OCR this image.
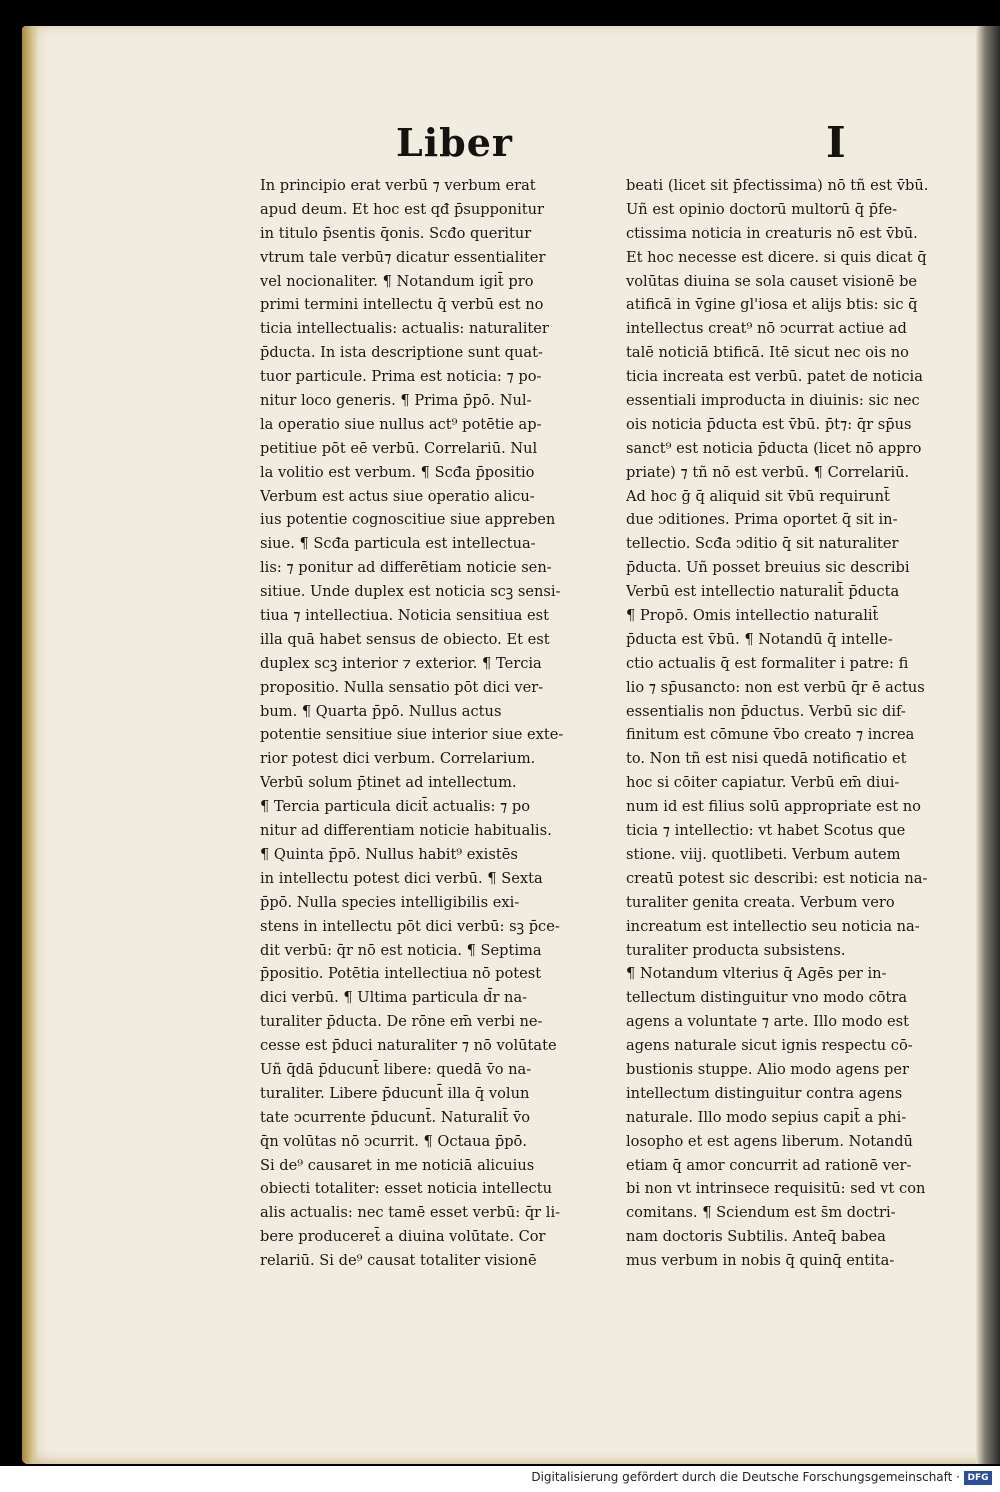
Liber	I
In principio erat verbū ⁊ verbum erat
apud deum. Et hoc est qđ p̄supponitur
in titulo p̄sentis q̄onis. Scđo queritur
vtrum tale verbū⁊ dicatur essentialiter
vel nocionaliter. ¶ Notandum igit̄ pro
primi termini intellectu q̄ verbū est no
ticia intellectualis: actualis: naturaliter
p̄ducta. In ista descriptione sunt quat-
tuor particule. Prima est noticia: ⁊ po-
nitur loco generis. ¶ Prima p̄pō. Nul-
la operatio siue nullus act⁹ potētie ap-
petitiue pōt eē verbū. Correlariū. Nul
la volitio est verbum. ¶ Scđa p̄positio
Verbum est actus siue operatio alicu-
ius potentie cognoscitiue siue appreben
siue. ¶ Scđa particula est intellectua-
lis: ⁊ ponitur ad differētiam noticie sen-
sitiue. Unde duplex est noticia scꝫ sensi-
tiua ⁊ intellectiua. Noticia sensitiua est
illa quā habet sensus de obiecto. Et est
duplex scꝫ interior ⁊ exterior. ¶ Tercia
propositio. Nulla sensatio pōt dici ver-
bum. ¶ Quarta p̄pō. Nullus actus
potentie sensitiue siue interior siue exte-
rior potest dici verbum. Correlarium.
Verbū solum p̄tinet ad intellectum.
¶ Tercia particula dicit̄ actualis: ⁊ po
nitur ad differentiam noticie habitualis.
¶ Quinta p̄pō. Nullus habit⁹ existēs
in intellectu potest dici verbū. ¶ Sexta
p̄pō. Nulla species intelligibilis exi-
stens in intellectu pōt dici verbū: sꝫ p̄ce-
dit verbū: q̄r nō est noticia. ¶ Septima
p̄positio. Potētia intellectiua nō potest
dici verbū. ¶ Ultima particula d̄r na-
turaliter p̄ducta. De rōne em̄ verbi ne-
cesse est p̄duci naturaliter ⁊ nō volūtate
Uñ q̄dā p̄ducunt̄ libere: quedā v̄o na-
turaliter. Libere p̄ducunt̄ illa q̄ volun
tate ↄcurrente p̄ducunt̄. Naturalit̄ v̄o
q̄n volūtas nō ↄcurrit. ¶ Octaua p̄pō.
Si de⁹ causaret in me noticiā alicuius
obiecti totaliter: esset noticia intellectu
alis actualis: nec tamē esset verbū: q̄r li-
bere produceret̄ a diuina volūtate. Cor
relariū. Si de⁹ causat totaliter visionē
beati (licet sit p̄fectissima) nō tñ est v̄bū.
Uñ est opinio doctorū multorū q̄ p̄fe-
ctissima noticia in creaturis nō est v̄bū.
Et hoc necesse est dicere. si quis dicat q̄
volūtas diuina se sola causet visionē be
atificā in v̄gine gl'iosa et alijs btis: sic q̄
intellectus creat⁹ nō ↄcurrat actiue ad
talē noticiā btificā. Itē sicut nec ois no
ticia increata est verbū. patet de noticia
essentiali improducta in diuinis: sic nec
ois noticia p̄ducta est v̄bū. p̄t⁊: q̄r sp̄us
sanct⁹ est noticia p̄ducta (licet nō appro
priate) ⁊ tñ nō est verbū. ¶ Correlariū.
Ad hoc ḡ q̄ aliquid sit v̄bū requirunt̄
due ↄditiones. Prima oportet q̄ sit in-
tellectio. Scđa ↄditio q̄ sit naturaliter
p̄ducta. Uñ posset breuius sic describi
Verbū est intellectio naturalit̄ p̄ducta
¶ Propō. Omis intellectio naturalit̄
p̄ducta est v̄bū. ¶ Notandū q̄ intelle-
ctio actualis q̄ est formaliter i patre: fi
lio ⁊ sp̄usancto: non est verbū q̄r ē actus
essentialis non p̄ductus. Verbū sic dif-
finitum est cōmune v̄bo creato ⁊ increa
to. Non tñ est nisi quedā notificatio et
hoc si cōiter capiatur. Verbū em̄ diui-
num id est filius solū appropriate est no
ticia ⁊ intellectio: vt habet Scotus que
stione. viij. quotlibeti. Verbum autem
creatū potest sic describi: est noticia na-
turaliter genita creata. Verbum vero
increatum est intellectio seu noticia na-
turaliter producta subsistens.
¶ Notandum vlterius q̄ Agēs per in-
tellectum distinguitur vno modo cōtra
agens a voluntate ⁊ arte. Illo modo est
agens naturale sicut ignis respectu cō-
bustionis stuppe. Alio modo agens per
intellectum distinguitur contra agens
naturale. Illo modo sepius capit̄ a phi-
losopho et est agens liberum. Notandū
etiam q̄ amor concurrit ad rationē ver-
bi non vt intrinsece requisitū: sed vt con
comitans. ¶ Sciendum est s̄m doctri-
nam doctoris Subtilis. Anteq̄ babea
mus verbum in nobis q̄ quinq̄ entita-
Digitalisierung gefördert durch die Deutsche Forschungsgemeinschaft · DFG
